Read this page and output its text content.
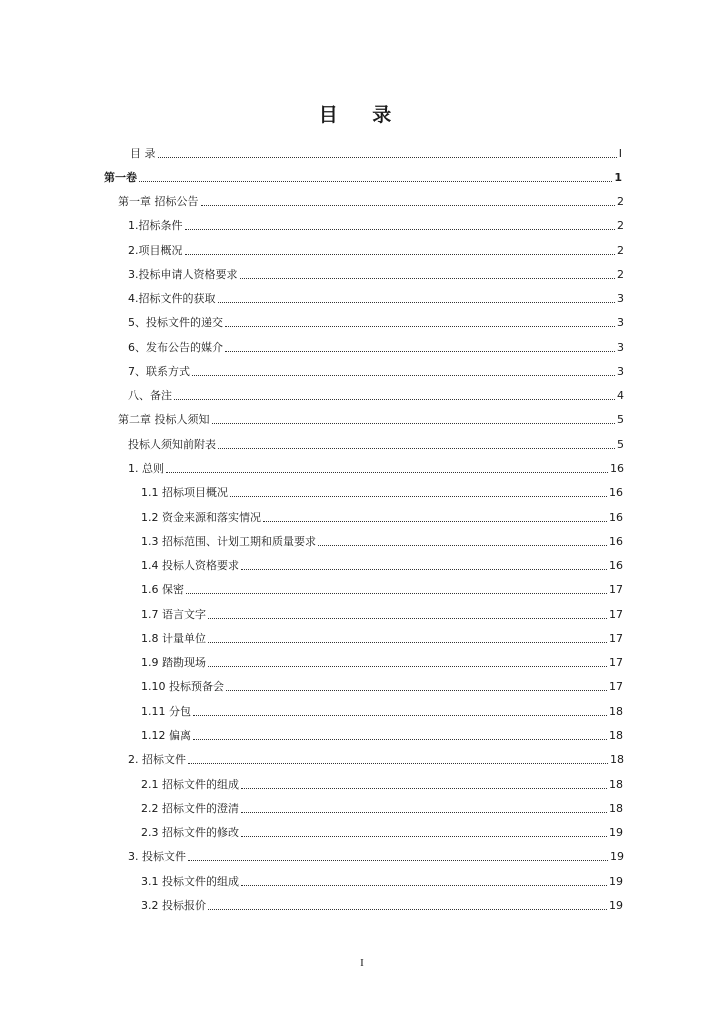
目 录
目 录	I
第一卷	1
第一章 招标公告	2
1.招标条件	2
2.项目概况	2
3.投标申请人资格要求	2
4.招标文件的获取	3
5、投标文件的递交	3
6、发布公告的媒介	3
7、联系方式	3
八、备注	4
第二章 投标人须知	5
投标人须知前附表	5
1. 总则	16
1.1 招标项目概况	16
1.2 资金来源和落实情况	16
1.3 招标范围、计划工期和质量要求	16
1.4 投标人资格要求	16
1.6 保密	17
1.7 语言文字	17
1.8 计量单位	17
1.9 踏勘现场	17
1.10 投标预备会	17
1.11 分包	18
1.12 偏离	18
2. 招标文件	18
2.1 招标文件的组成	18
2.2 招标文件的澄清	18
2.3 招标文件的修改	19
3. 投标文件	19
3.1 投标文件的组成	19
3.2 投标报价	19
I
